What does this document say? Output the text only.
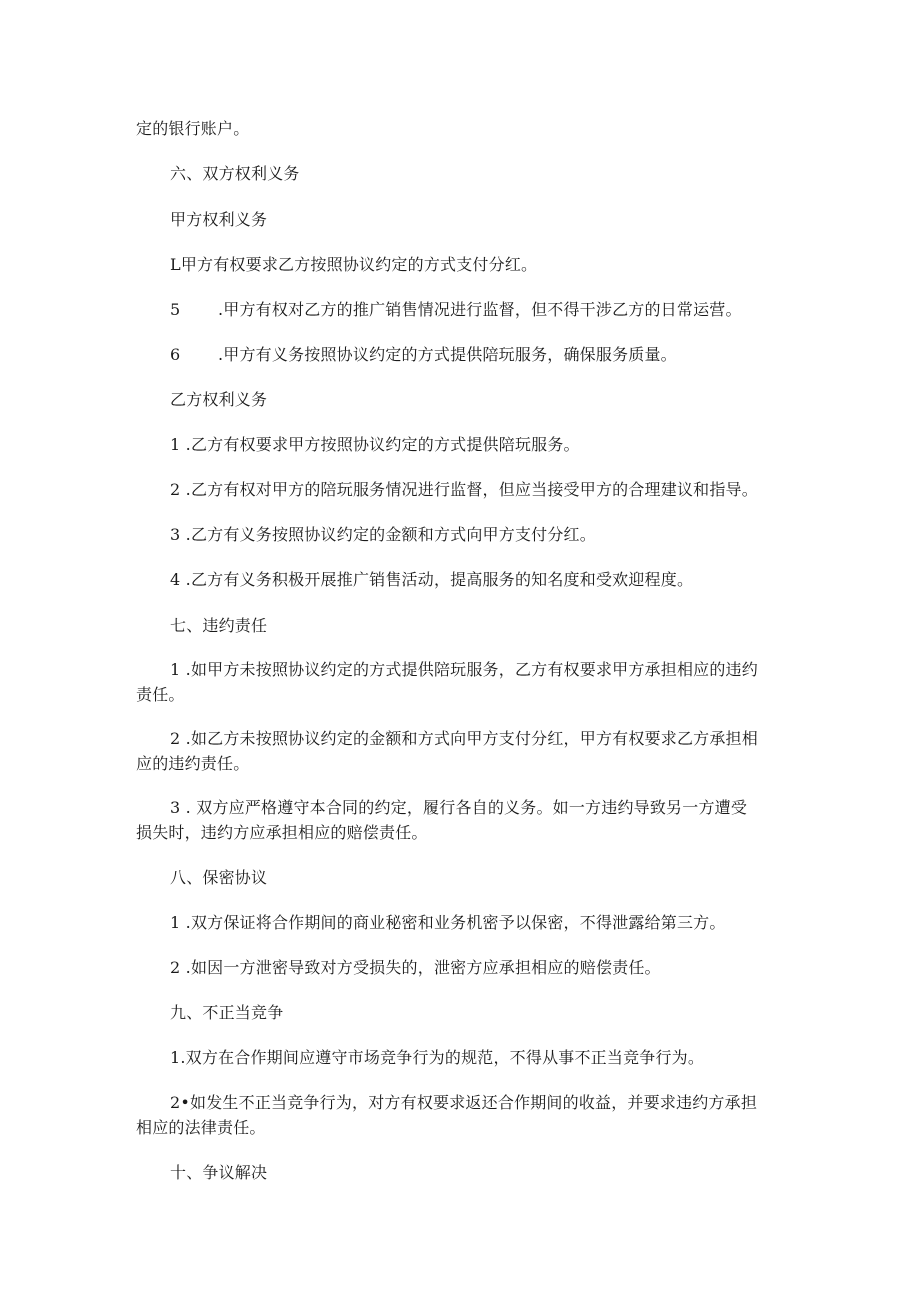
定的银行账户。
六、双方权利义务
甲方权利义务
L甲方有权要求乙方按照协议约定的方式支付分红。
5 .甲方有权对乙方的推广销售情况进行监督，但不得干涉乙方的日常运营。
6 .甲方有义务按照协议约定的方式提供陪玩服务，确保服务质量。
乙方权利义务
1 .乙方有权要求甲方按照协议约定的方式提供陪玩服务。
2 .乙方有权对甲方的陪玩服务情况进行监督，但应当接受甲方的合理建议和指导。
3 .乙方有义务按照协议约定的金额和方式向甲方支付分红。
4 .乙方有义务积极开展推广销售活动，提高服务的知名度和受欢迎程度。
七、违约责任
1 .如甲方未按照协议约定的方式提供陪玩服务，乙方有权要求甲方承担相应的违约
责任。
2 .如乙方未按照协议约定的金额和方式向甲方支付分红，甲方有权要求乙方承担相
应的违约责任。
3 . 双方应严格遵守本合同的约定，履行各自的义务。如一方违约导致另一方遭受
损失时，违约方应承担相应的赔偿责任。
八、保密协议
1 .双方保证将合作期间的商业秘密和业务机密予以保密，不得泄露给第三方。
2 .如因一方泄密导致对方受损失的，泄密方应承担相应的赔偿责任。
九、不正当竞争
1.双方在合作期间应遵守市场竞争行为的规范，不得从事不正当竞争行为。
2•如发生不正当竞争行为，对方有权要求返还合作期间的收益，并要求违约方承担
相应的法律责任。
十、争议解决
